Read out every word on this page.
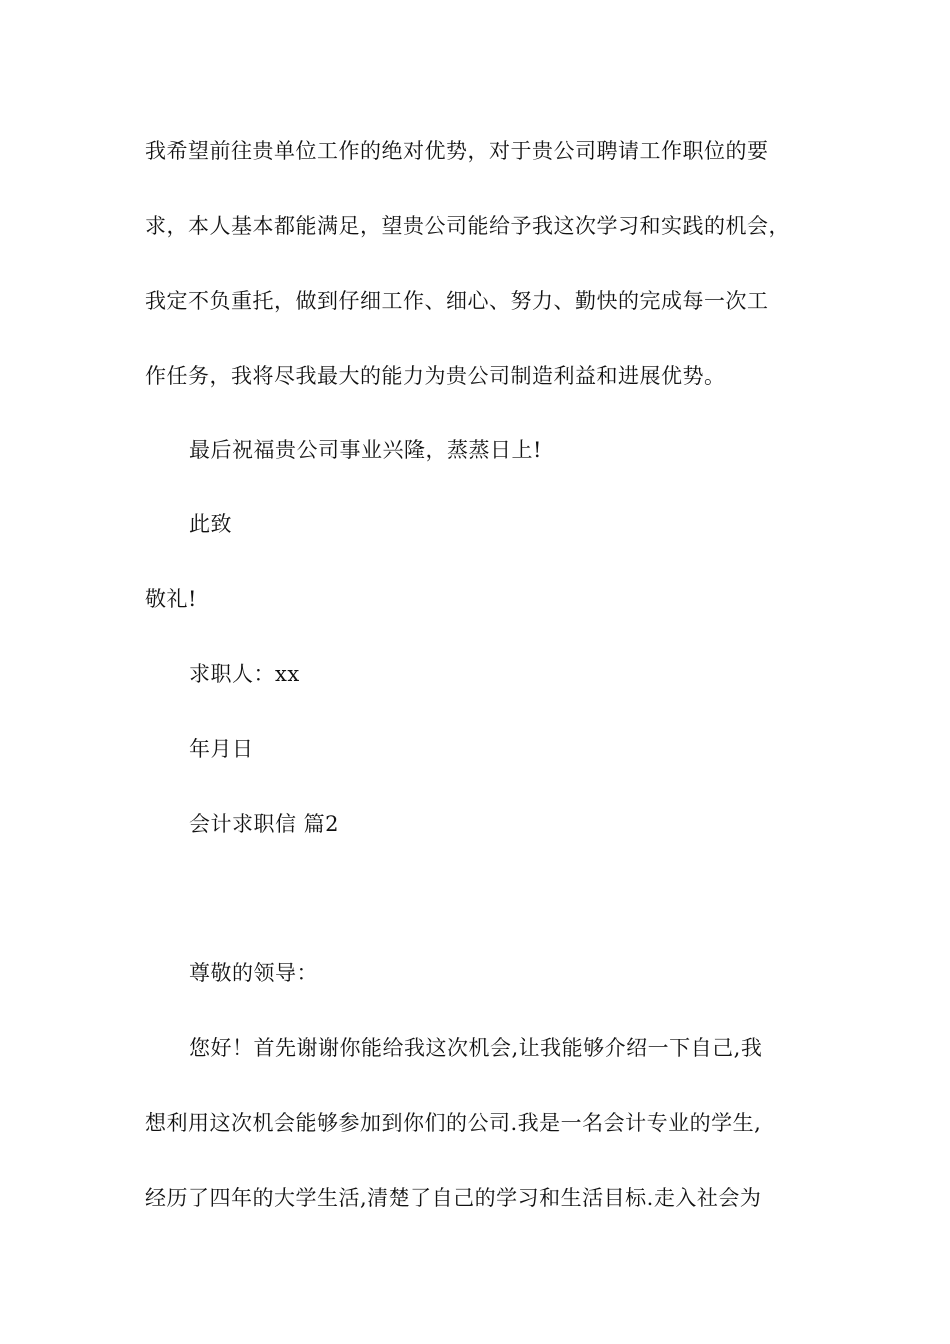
我希望前往贵单位工作的绝对优势，对于贵公司聘请工作职位的要
求，本人基本都能满足，望贵公司能给予我这次学习和实践的机会，
我定不负重托，做到仔细工作、细心、努力、勤快的完成每一次工
作任务，我将尽我最大的能力为贵公司制造利益和进展优势。
最后祝福贵公司事业兴隆，蒸蒸日上!
此致
敬礼!
求职人：xx
年月日
会计求职信 篇2
尊敬的领导：
您好！首先谢谢你能给我这次机会,让我能够介绍一下自己,我
想利用这次机会能够参加到你们的公司.我是一名会计专业的学生,
经历了四年的大学生活,清楚了自己的学习和生活目标.走入社会为
